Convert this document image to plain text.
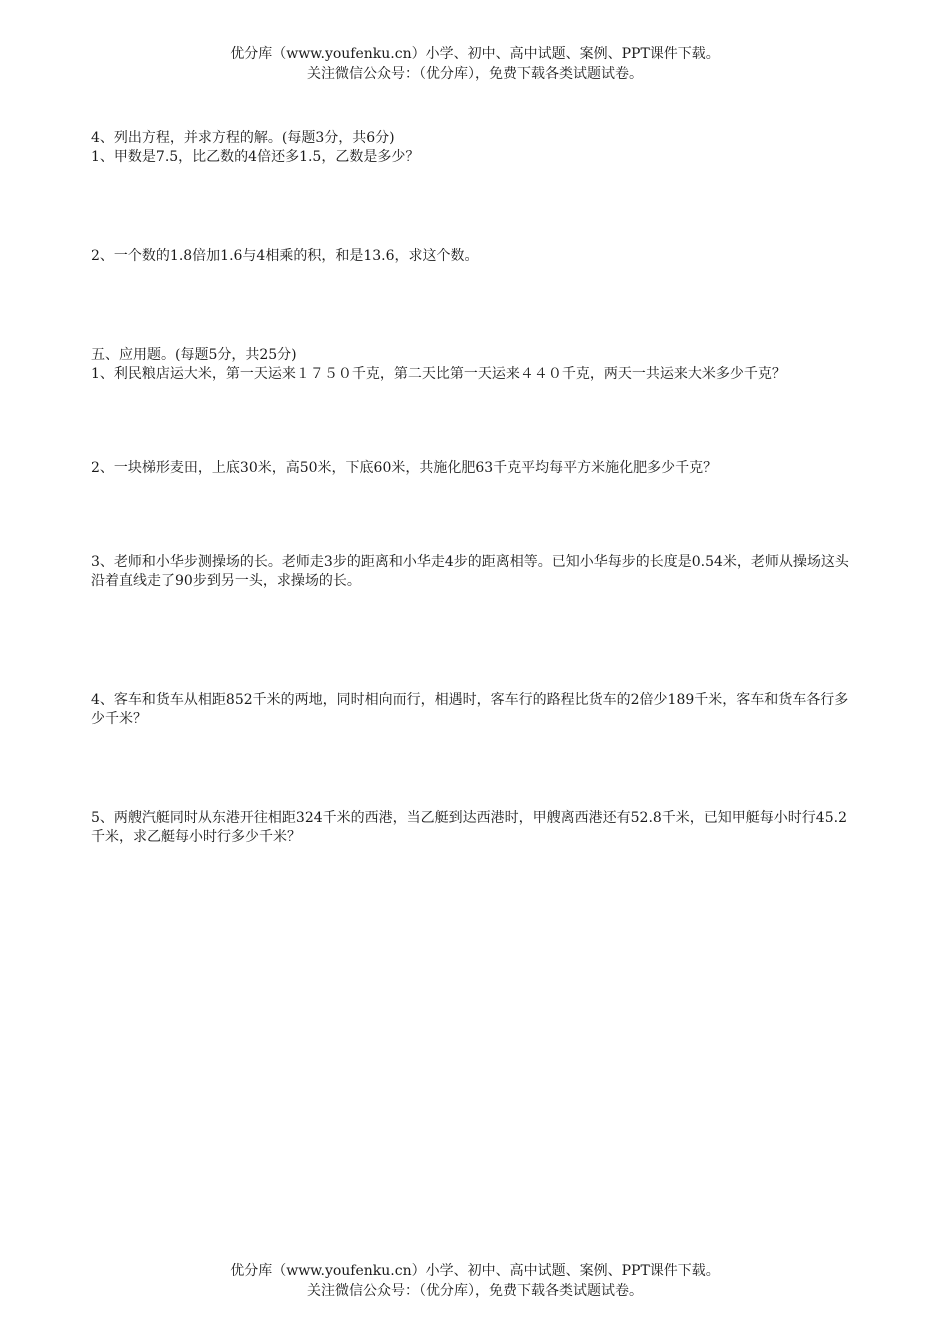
优分库（www.youfenku.cn）小学、初中、高中试题、案例、PPT课件下载。
关注微信公众号：（优分库），免费下载各类试题试卷。

4、列出方程，并求方程的解。(每题3分，共6分)

1、甲数是7.5，比乙数的4倍还多1.5，乙数是多少？

2、一个数的1.8倍加1.6与4相乘的积，和是13.6，求这个数。

五、应用题。(每题5分，共25分)

1、利民粮店运大米，第一天运来１７５０千克，第二天比第一天运来４４０千克，两天一共运来大米多少千克？

2、一块梯形麦田，上底30米，高50米，下底60米，共施化肥63千克平均每平方米施化肥多少千克？

3、老师和小华步测操场的长。老师走3步的距离和小华走4步的距离相等。已知小华每步的长度是0.54米，老师从操场这头沿着直线走了90步到另一头，求操场的长。

4、客车和货车从相距852千米的两地，同时相向而行，相遇时，客车行的路程比货车的2倍少189千米，客车和货车各行多少千米？

5、两艘汽艇同时从东港开往相距324千米的西港，当乙艇到达西港时，甲艘离西港还有52.8千米，已知甲艇每小时行45.2千米，求乙艇每小时行多少千米？

优分库（www.youfenku.cn）小学、初中、高中试题、案例、PPT课件下载。
关注微信公众号：（优分库），免费下载各类试题试卷。
